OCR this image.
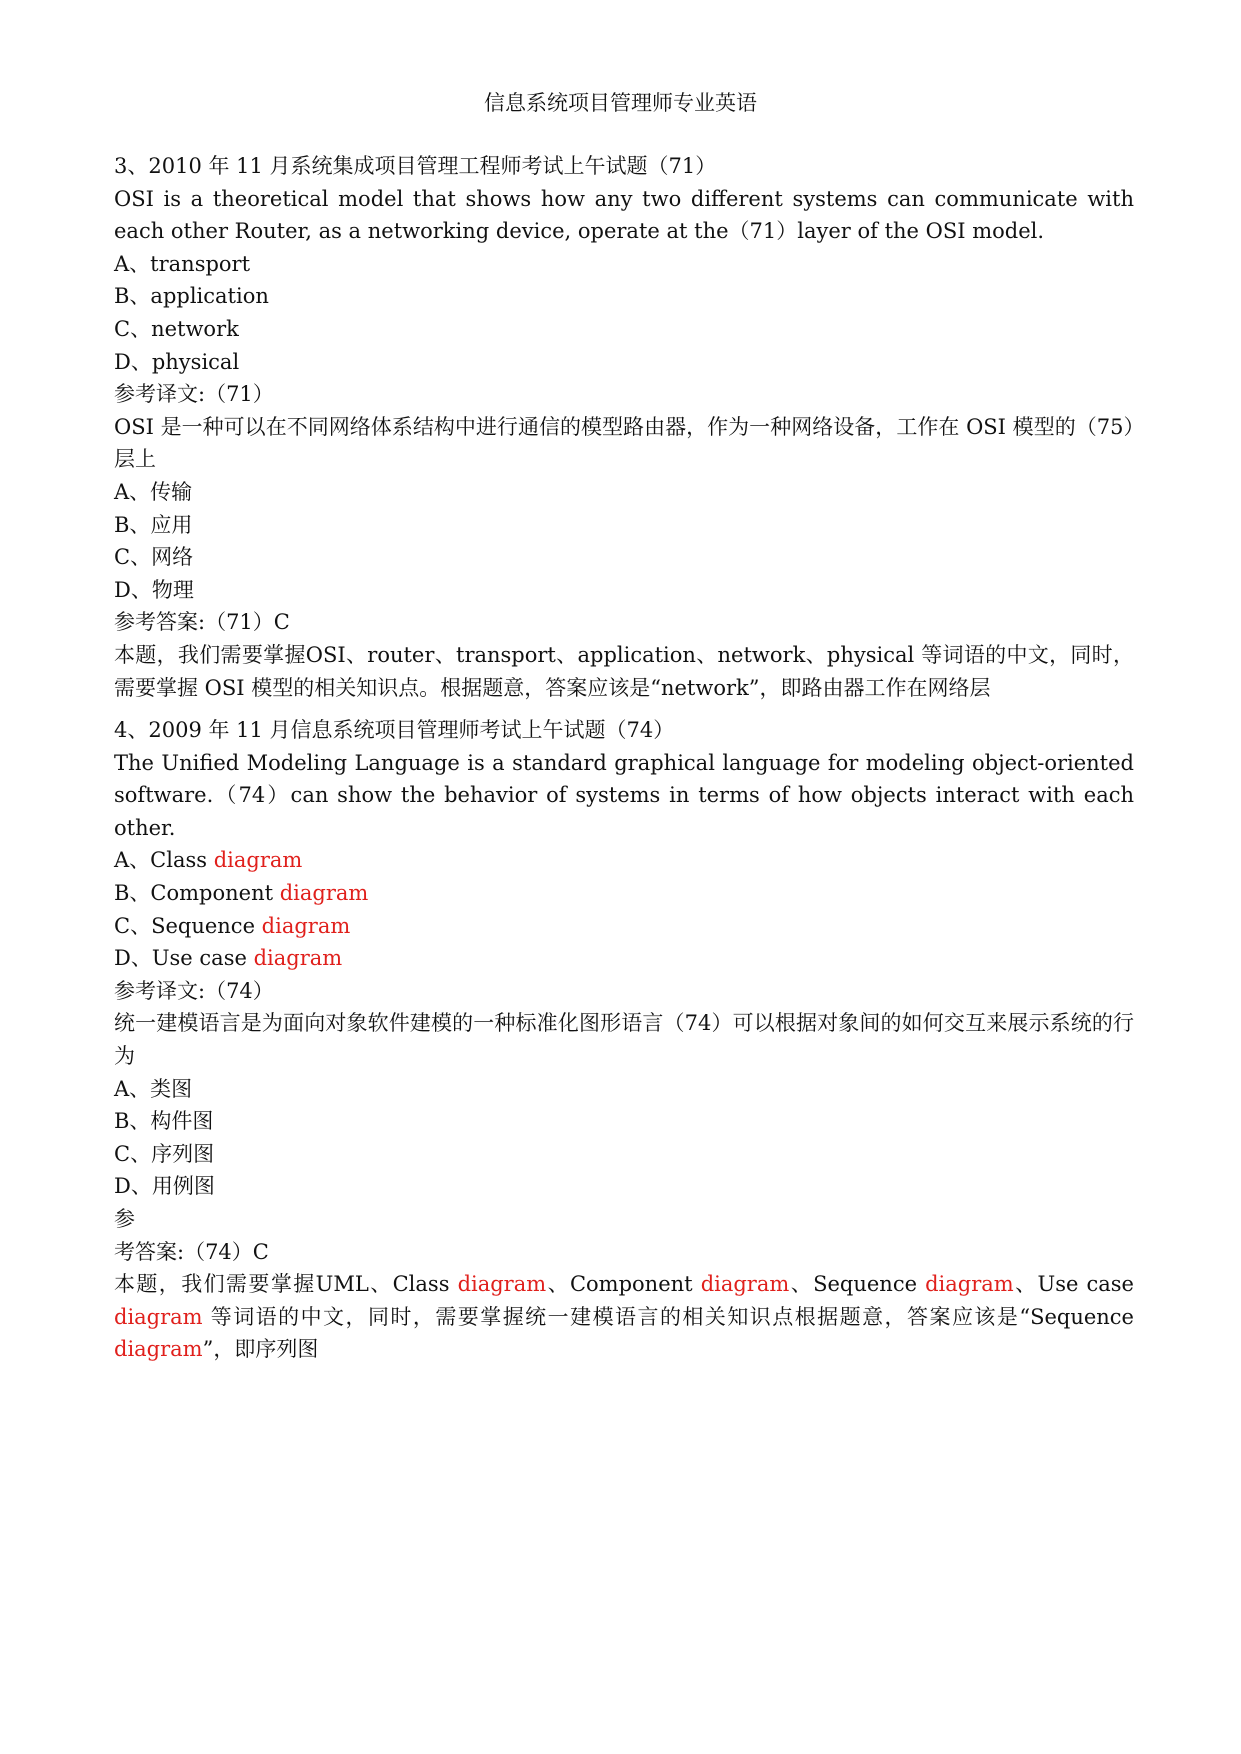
信息系统项目管理师专业英语
3、2010 年 11 月系统集成项目管理工程师考试上午试题（71）
OSI is a theoretical model that shows how any two different systems can communicate with each other Router, as a networking device, operate at the（71）layer of the OSI model.
A、transport
B、application
C、network
D、physical
参考译文:（71）
OSI 是一种可以在不同网络体系结构中进行通信的模型路由器，作为一种网络设备，工作在 OSI 模型的（75）层上
A、传输
B、应用
C、网络
D、物理
参考答案:（71）C
本题，我们需要掌握OSI、router、transport、application、network、physical 等词语的中文，同时，需要掌握 OSI 模型的相关知识点。根据题意，答案应该是“network”，即路由器工作在网络层
4、2009 年 11 月信息系统项目管理师考试上午试题（74）
The Unified Modeling Language is a standard graphical language for modeling object-oriented software.（74）can show the behavior of systems in terms of how objects interact with each other.
A、Class diagram
B、Component diagram
C、Sequence diagram
D、Use case diagram
参考译文:（74）
统一建模语言是为面向对象软件建模的一种标准化图形语言（74）可以根据对象间的如何交互来展示系统的行为
A、类图
B、构件图
C、序列图
D、用例图
参
考答案:（74）C
本题，我们需要掌握UML、Class diagram、Component diagram、Sequence diagram、Use case diagram 等词语的中文，同时，需要掌握统一建模语言的相关知识点根据题意，答案应该是“Sequence diagram”，即序列图
